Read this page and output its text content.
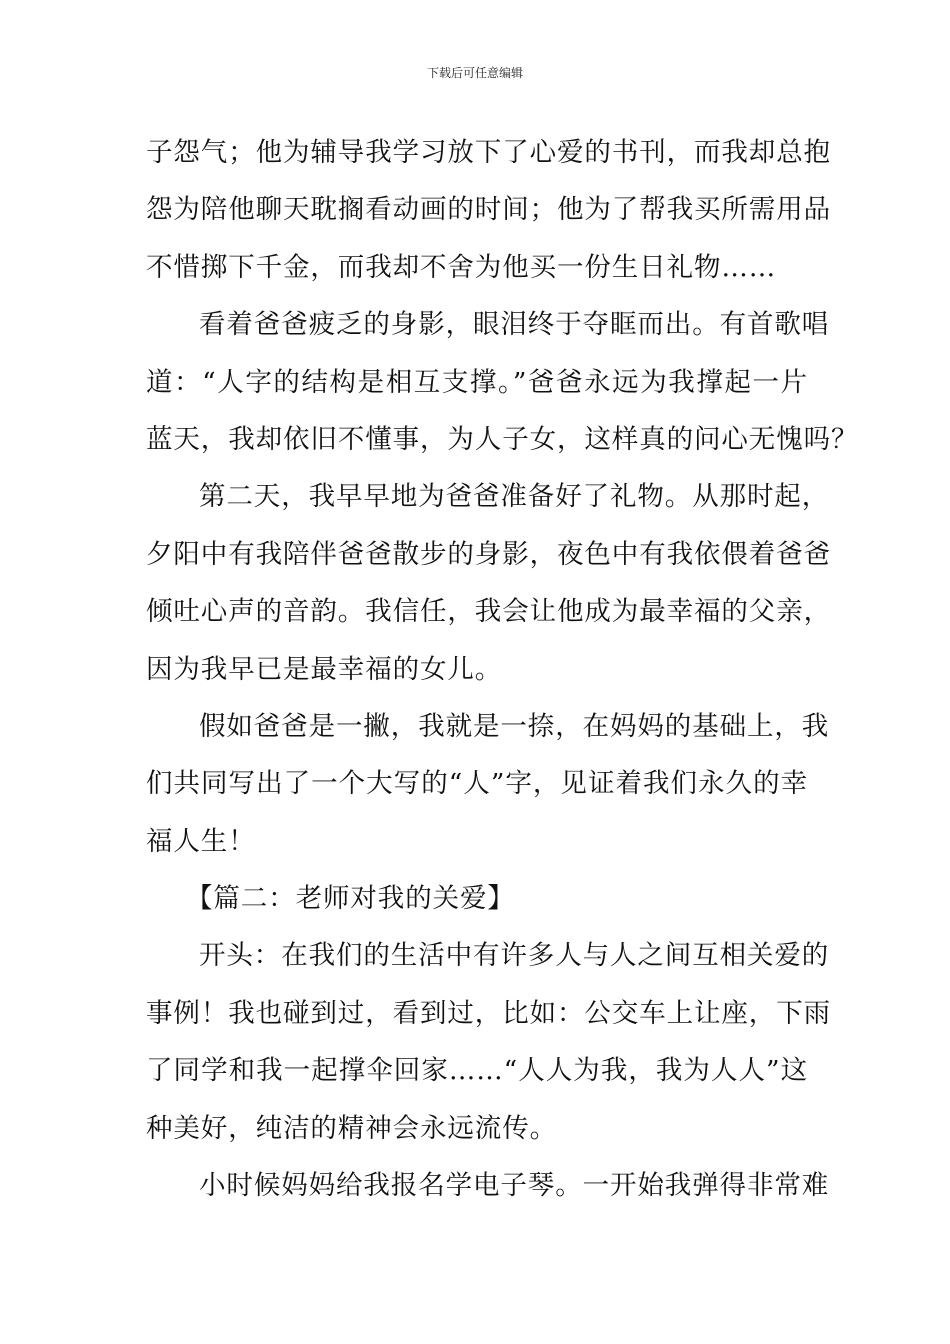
下载后可任意编辑
子怨气；他为辅导我学习放下了心爱的书刊，而我却总抱
怨为陪他聊天耽搁看动画的时间；他为了帮我买所需用品
不惜掷下千金，而我却不舍为他买一份生日礼物……
看着爸爸疲乏的身影，眼泪终于夺眶而出。有首歌唱
道：“人字的结构是相互支撑。”爸爸永远为我撑起一片
蓝天，我却依旧不懂事，为人子女，这样真的问心无愧吗？
第二天，我早早地为爸爸准备好了礼物。从那时起，
夕阳中有我陪伴爸爸散步的身影，夜色中有我依偎着爸爸
倾吐心声的音韵。我信任，我会让他成为最幸福的父亲，
因为我早已是最幸福的女儿。
假如爸爸是一撇，我就是一捺，在妈妈的基础上，我
们共同写出了一个大写的“人”字，见证着我们永久的幸
福人生！
【篇二：老师对我的关爱】
开头：在我们的生活中有许多人与人之间互相关爱的
事例！我也碰到过，看到过，比如：公交车上让座，下雨
了同学和我一起撑伞回家……“人人为我，我为人人”这
种美好，纯洁的精神会永远流传。
小时候妈妈给我报名学电子琴。一开始我弹得非常难
